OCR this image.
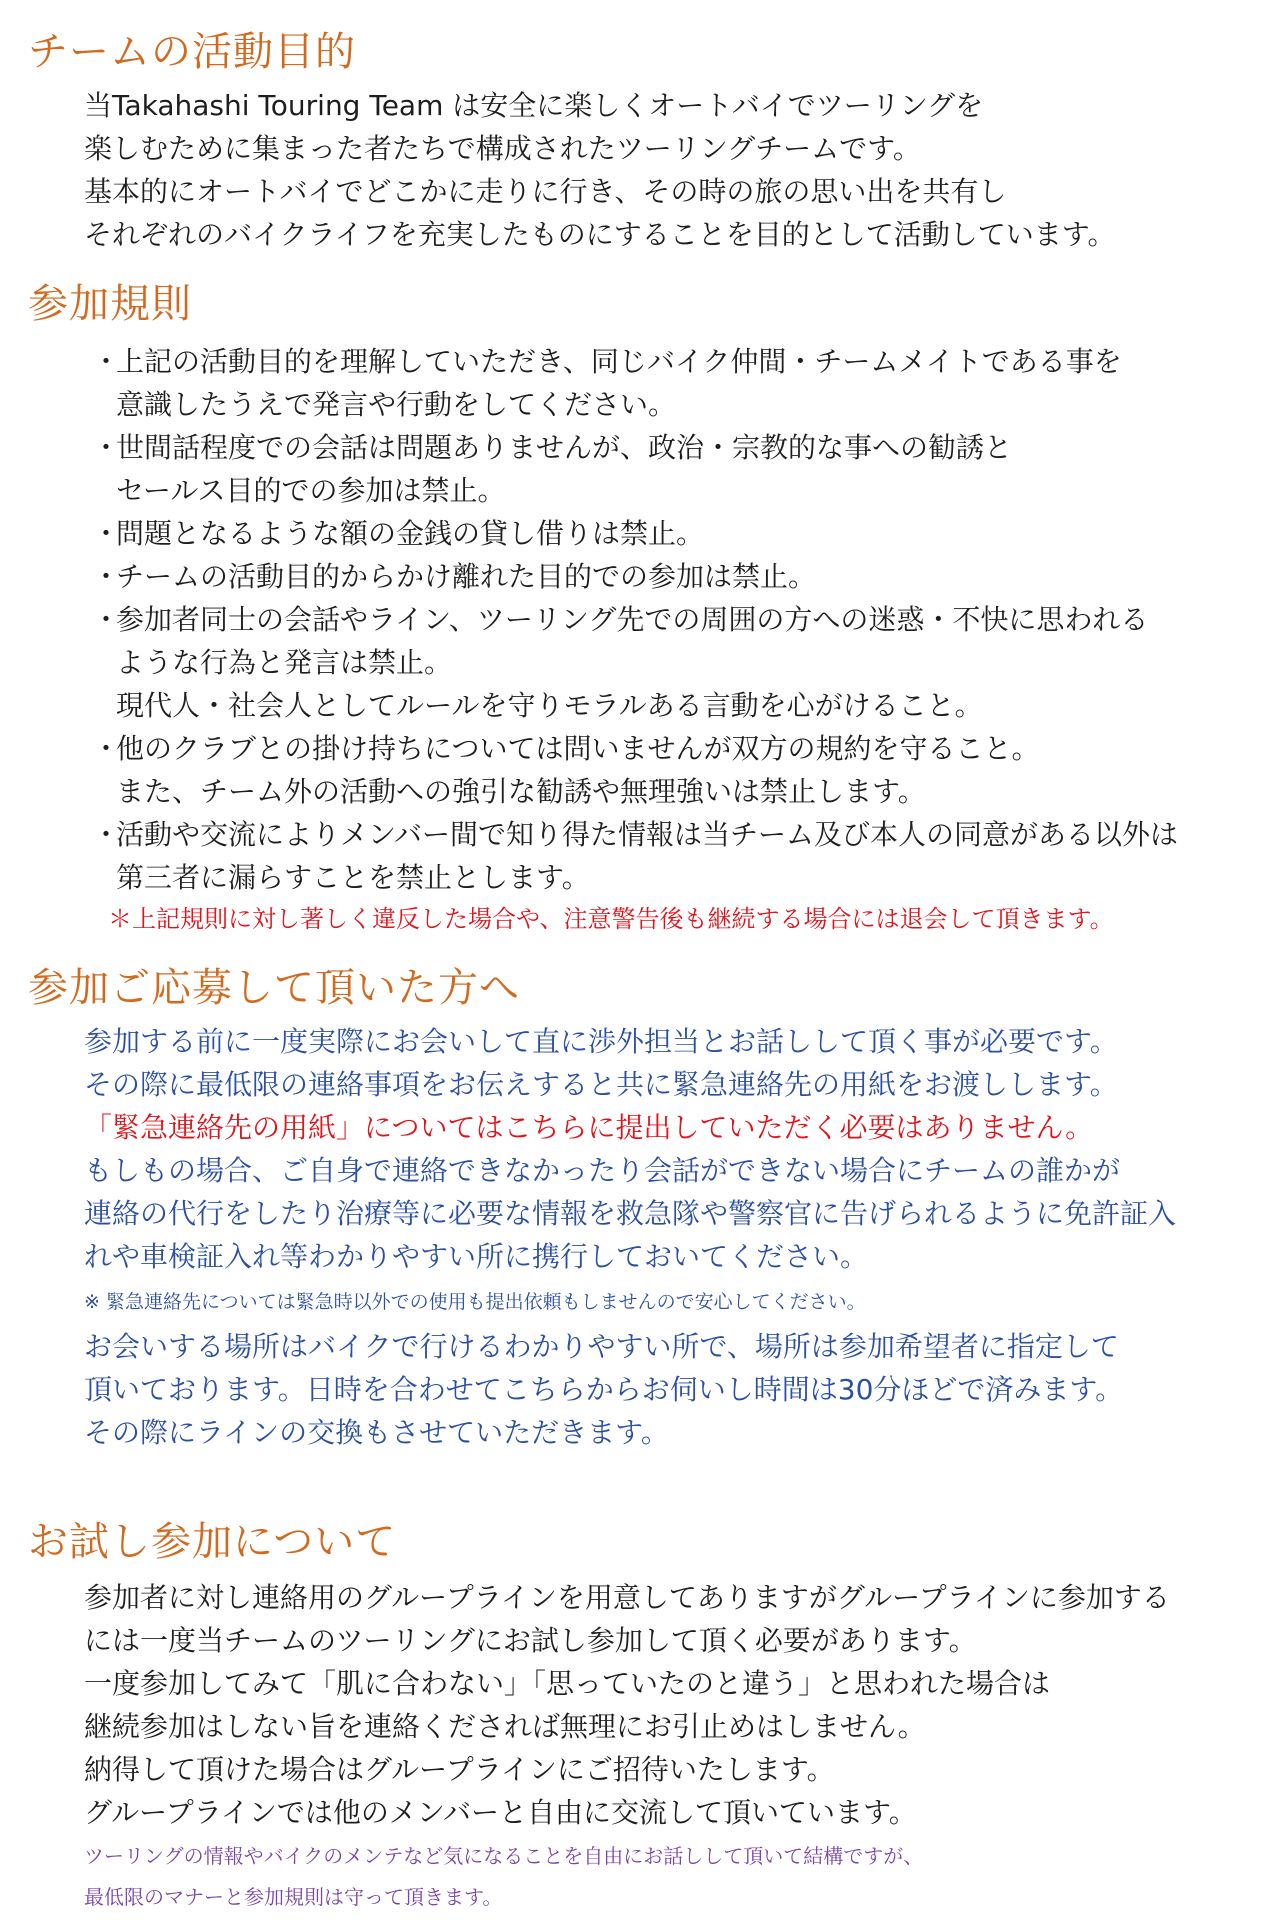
チームの活動目的
当Takahashi Touring Team は安全に楽しくオートバイでツーリングを
楽しむために集まった者たちで構成されたツーリングチームです。
基本的にオートバイでどこかに走りに行き、その時の旅の思い出を共有し
それぞれのバイクライフを充実したものにすることを目的として活動しています。
参加規則
・
上記の活動目的を理解していただき、同じバイク仲間・チームメイトである事を
意識したうえで発言や行動をしてください。
・
世間話程度での会話は問題ありませんが、政治・宗教的な事への勧誘と
セールス目的での参加は禁止。
・
問題となるような額の金銭の貸し借りは禁止。
・
チームの活動目的からかけ離れた目的での参加は禁止。
・
参加者同士の会話やライン、ツーリング先での周囲の方への迷惑・不快に思われる
ような行為と発言は禁止。
現代人・社会人としてルールを守りモラルある言動を心がけること。
・
他のクラブとの掛け持ちについては問いませんが双方の規約を守ること。
また、チーム外の活動への強引な勧誘や無理強いは禁止します。
・
活動や交流によりメンバー間で知り得た情報は当チーム及び本人の同意がある以外は
第三者に漏らすことを禁止とします。

＊上記規則に対し著しく違反した場合や、注意警告後も継続する場合には退会して頂きます。

参加ご応募して頂いた方へ
参加する前に一度実際にお会いして直に渉外担当とお話しして頂く事が必要です。
その際に最低限の連絡事項をお伝えすると共に緊急連絡先の用紙をお渡しします。
「緊急連絡先の用紙」についてはこちらに提出していただく必要はありません。
もしもの場合、ご自身で連絡できなかったり会話ができない場合にチームの誰かが
連絡の代行をしたり治療等に必要な情報を救急隊や警察官に告げられるように免許証入
れや車検証入れ等わかりやすい所に携行しておいてください。

※ 緊急連絡先については緊急時以外での使用も提出依頼もしませんので安心してください。

お会いする場所はバイクで行けるわかりやすい所で、場所は参加希望者に指定して
頂いております。日時を合わせてこちらからお伺いし時間は30分ほどで済みます。
その際にラインの交換もさせていただきます。
お試し参加について
参加者に対し連絡用のグループラインを用意してありますがグループラインに参加する
には一度当チームのツーリングにお試し参加して頂く必要があります。
一度参加してみて「肌に合わない」「思っていたのと違う」と思われた場合は
継続参加はしない旨を連絡くだされば無理にお引止めはしません。
納得して頂けた場合はグループラインにご招待いたします。
グループラインでは他のメンバーと自由に交流して頂いています。
ツーリングの情報やバイクのメンテなど気になることを自由にお話しして頂いて結構ですが、
最低限のマナーと参加規則は守って頂きます。
